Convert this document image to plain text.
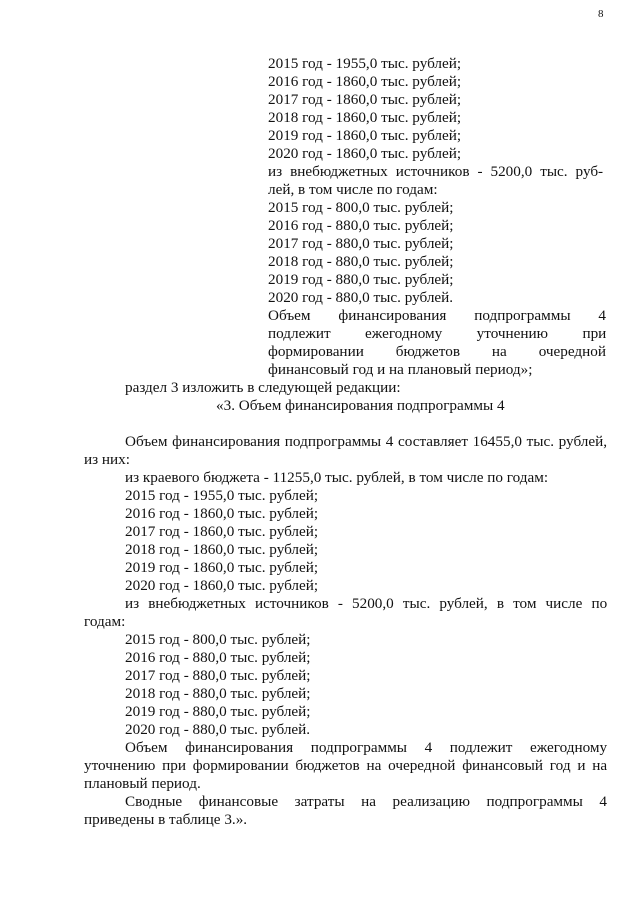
8
2015 год - 1955,0 тыс. рублей;
2016 год - 1860,0 тыс. рублей;
2017 год - 1860,0 тыс. рублей;
2018 год - 1860,0 тыс. рублей;
2019 год - 1860,0 тыс. рублей;
2020 год - 1860,0 тыс. рублей;
из внебюджетных источников - 5200,0 тыс. руб-
лей, в том числе по годам:
2015 год - 800,0 тыс. рублей;
2016 год - 880,0 тыс. рублей;
2017 год - 880,0 тыс. рублей;
2018 год - 880,0 тыс. рублей;
2019 год - 880,0 тыс. рублей;
2020 год - 880,0 тыс. рублей.
Объем финансирования подпрограммы 4
подлежит ежегодному уточнению при
формировании бюджетов на очередной
финансовый год и на плановый период»;
раздел 3 изложить в следующей редакции:
«3. Объем финансирования подпрограммы 4
Объем финансирования подпрограммы 4 составляет 16455,0 тыс. рублей,
из них:
из краевого бюджета - 11255,0 тыс. рублей, в том числе по годам:
2015 год - 1955,0 тыс. рублей;
2016 год - 1860,0 тыс. рублей;
2017 год - 1860,0 тыс. рублей;
2018 год - 1860,0 тыс. рублей;
2019 год - 1860,0 тыс. рублей;
2020 год - 1860,0 тыс. рублей;
из внебюджетных источников - 5200,0 тыс. рублей, в том числе по
годам:
2015 год - 800,0 тыс. рублей;
2016 год - 880,0 тыс. рублей;
2017 год - 880,0 тыс. рублей;
2018 год - 880,0 тыс. рублей;
2019 год - 880,0 тыс. рублей;
2020 год - 880,0 тыс. рублей.
Объем финансирования подпрограммы 4 подлежит ежегодному
уточнению при формировании бюджетов на очередной финансовый год и на
плановый период.
Сводные финансовые затраты на реализацию подпрограммы 4
приведены в таблице 3.».
